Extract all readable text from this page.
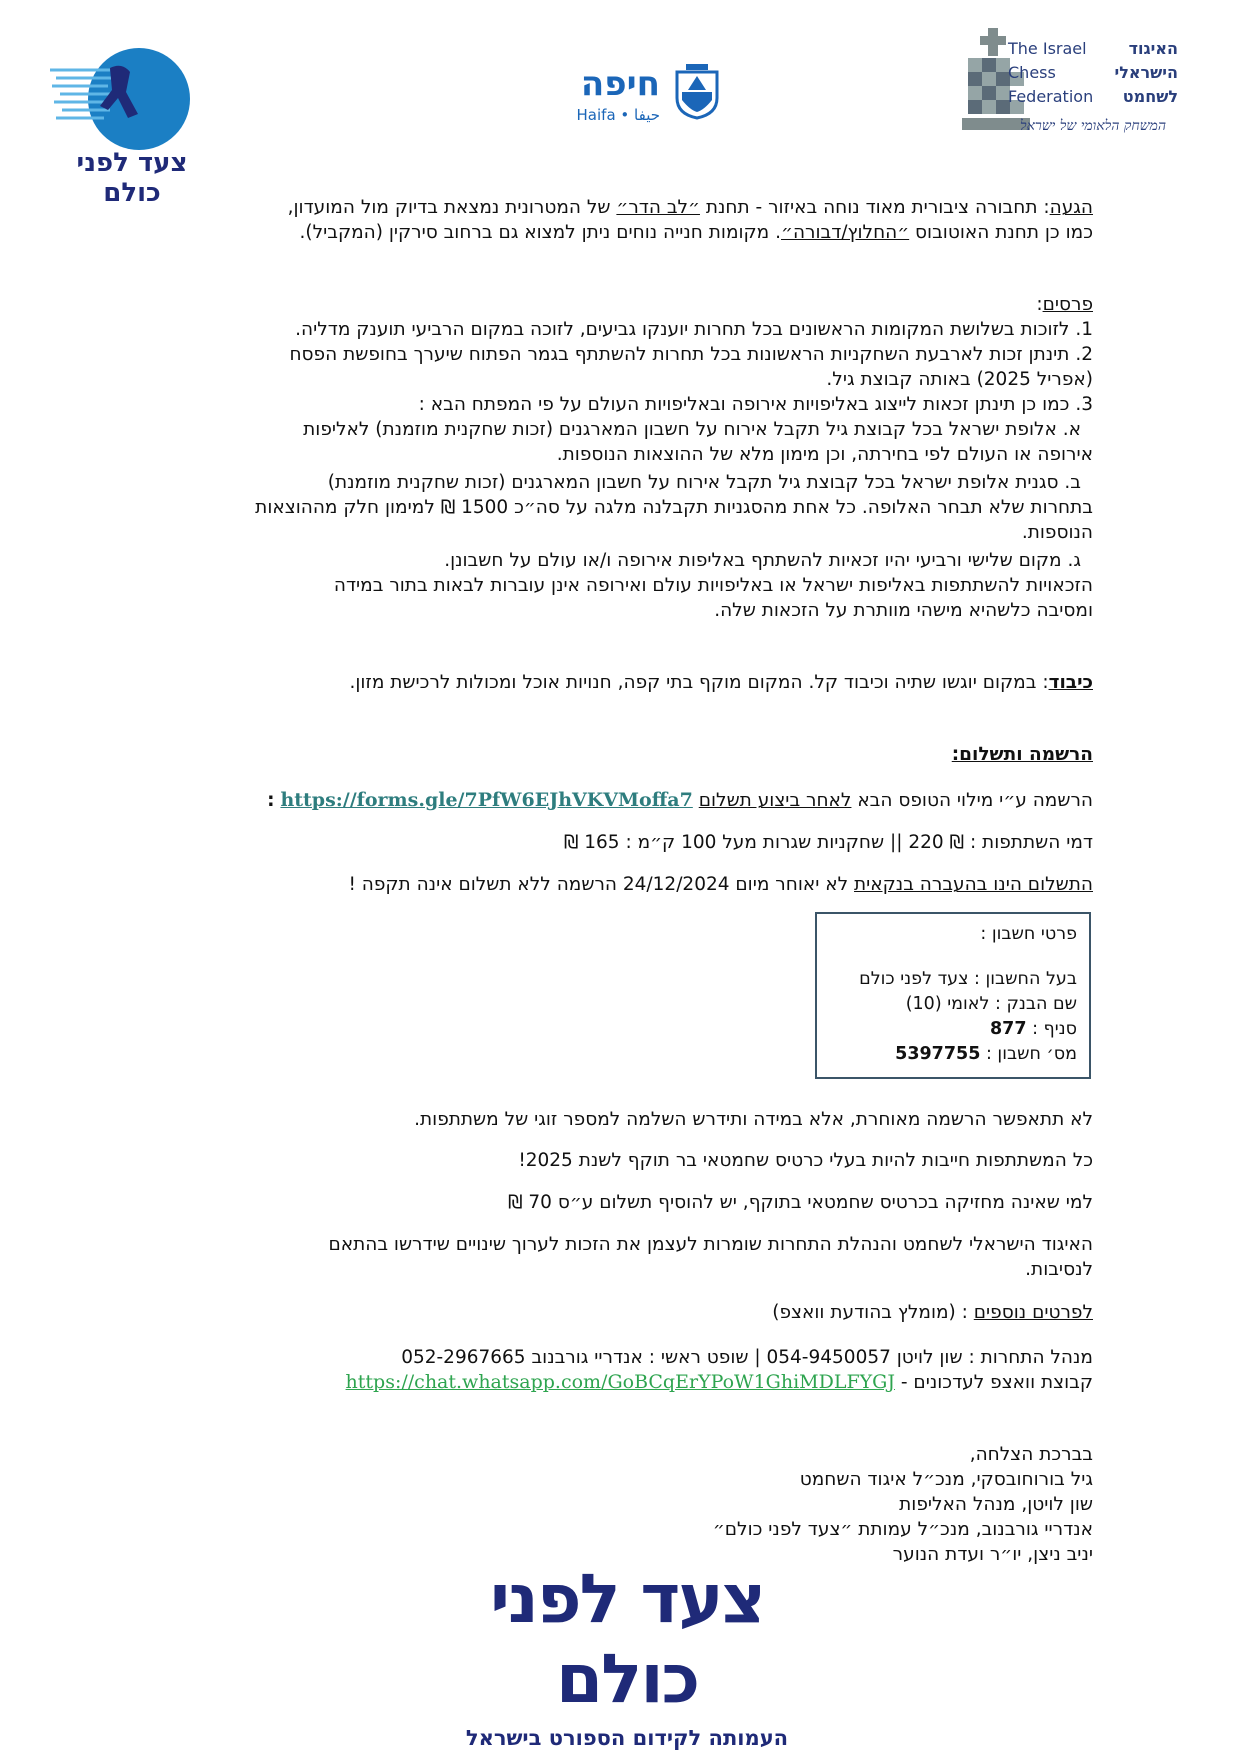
צעד לפני כולם
חיפה
Haifa • حيفا
The Israel	האיגוד
Chess	הישראלי
Federation לשחמט
המשחק הלאומי של ישראל
הגעה: תחבורה ציבורית מאוד נוחה באיזור - תחנת ״לב הדר״ של המטרונית נמצאת בדיוק מול המועדון,
כמו כן תחנת האוטובוס ״החלוץ/דבורה״. מקומות חנייה נוחים ניתן למצוא גם ברחוב סירקין (המקביל).
פרסים:
1. לזוכות בשלושת המקומות הראשונים בכל תחרות יוענקו גביעים, לזוכה במקום הרביעי תוענק מדליה.
2. תינתן זכות לארבעת השחקניות הראשונות בכל תחרות להשתתף בגמר הפתוח שיערך בחופשת הפסח
(אפריל 2025) באותה קבוצת גיל.
3. כמו כן תינתן זכאות לייצוג באליפויות אירופה ובאליפויות העולם על פי המפתח הבא :
א. אלופת ישראל בכל קבוצת גיל תקבל אירוח על חשבון המארגנים (זכות שחקנית מוזמנת) לאליפות
אירופה או העולם לפי בחירתה, וכן מימון מלא של ההוצאות הנוספות.
ב. סגנית אלופת ישראל בכל קבוצת גיל תקבל אירוח על חשבון המארגנים (זכות שחקנית מוזמנת)
בתחרות שלא תבחר האלופה. כל אחת מהסגניות תקבלנה מלגה על סה״כ 1500 ₪ למימון חלק מההוצאות
הנוספות.
ג. מקום שלישי ורביעי יהיו זכאיות להשתתף באליפות אירופה ו/או עולם על חשבונן.
הזכאויות להשתתפות באליפות ישראל או באליפויות עולם ואירופה אינן עוברות לבאות בתור במידה
ומסיבה כלשהיא מישהי מוותרת על הזכאות שלה.
כיבוד: במקום יוגשו שתיה וכיבוד קל. המקום מוקף בתי קפה, חנויות אוכל ומכולות לרכישת מזון.
הרשמה ותשלום:
הרשמה ע״י מילוי הטופס הבא לאחר ביצוע תשלום https://forms.gle/7PfW6EJhVKVMoffa7 :
דמי השתתפות : ₪ 220 || שחקניות שגרות מעל 100 ק״מ : 165 ₪
התשלום הינו בהעברה בנקאית לא יאוחר מיום 24/12/2024 הרשמה ללא תשלום אינה תקפה !
פרטי חשבון :
בעל החשבון : צעד לפני כולם
שם הבנק : לאומי (10)
סניף : 877
מס׳ חשבון : 5397755
לא תתאפשר הרשמה מאוחרת, אלא במידה ותידרש השלמה למספר זוגי של משתתפות.
כל המשתתפות חייבות להיות בעלי כרטיס שחמטאי בר תוקף לשנת 2025!
למי שאינה מחזיקה בכרטיס שחמטאי בתוקף, יש להוסיף תשלום ע״ס 70 ₪
האיגוד הישראלי לשחמט והנהלת התחרות שומרות לעצמן את הזכות לערוך שינויים שידרשו בהתאם
לנסיבות.
לפרטים נוספים : (מומלץ בהודעת וואצפ)
מנהל התחרות : שון לויטן 054-9450057 | שופט ראשי : אנדריי גורבנוב 052-2967665
קבוצת וואצפ לעדכונים - https://chat.whatsapp.com/GoBCqErYPoW1GhiMDLFYGJ
בברכת הצלחה,
גיל בורוחובסקי, מנכ״ל איגוד השחמט
שון לויטן, מנהל האליפות
אנדריי גורבנוב, מנכ״ל עמותת ״צעד לפני כולם״
יניב ניצן, יו״ר ועדת הנוער
צעד לפני כולם
העמותה לקידום הספורט בישראל
